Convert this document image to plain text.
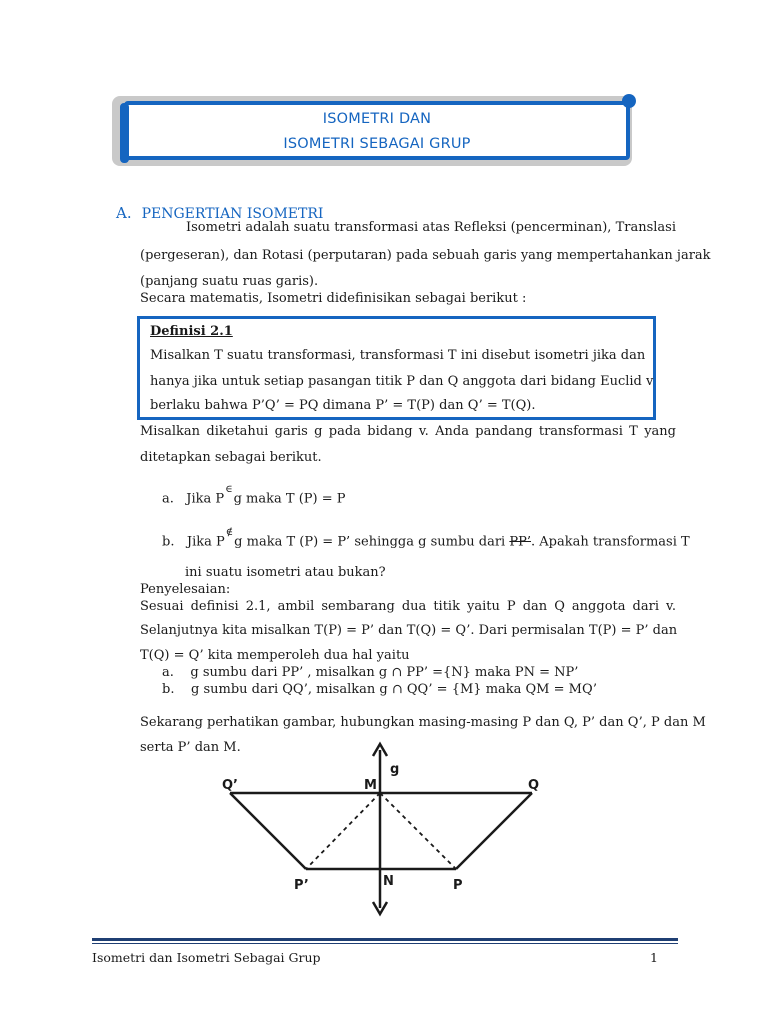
ISOMETRI DAN
ISOMETRI SEBAGAI GRUP
A. PENGERTIAN ISOMETRI
Isometri adalah suatu transformasi atas Refleksi (pencerminan), Translasi
(pergeseran), dan Rotasi (perputaran) pada sebuah garis yang mempertahankan jarak
(panjang suatu ruas garis).
Secara matematis, Isometri didefinisikan sebagai berikut :
Definisi 2.1
Misalkan T suatu transformasi, transformasi T ini disebut isometri jika dan
hanya jika untuk setiap pasangan titik P dan Q anggota dari bidang Euclid v
berlaku bahwa P’Q’ = PQ dimana P’ = T(P) dan Q’ = T(Q).
Misalkan diketahui garis g pada bidang v. Anda pandang transformasi T yang
ditetapkan sebagai berikut.
a. Jika P∈g maka T (P) = P
b. Jika P∉g maka T (P) = P’ sehingga g sumbu dari PP’. Apakah transformasi T
ini suatu isometri atau bukan?
Penyelesaian:
Sesuai definisi 2.1, ambil sembarang dua titik yaitu P dan Q anggota dari v.
Selanjutnya kita misalkan T(P) = P’ dan T(Q) = Q’. Dari permisalan T(P) = P’ dan
T(Q) = Q’ kita memperoleh dua hal yaitu
a. g sumbu dari PP’ , misalkan g ∩ PP’ ={N} maka PN = NP’
b. g sumbu dari QQ’, misalkan g ∩ QQ’ = {M} maka QM = MQ’
Sekarang perhatikan gambar, hubungkan masing-masing P dan Q, P’ dan Q’, P dan M
serta P’ dan M.
Q’	M
g
Q
P’	N	P
Isometri dan Isometri Sebagai Grup	1
